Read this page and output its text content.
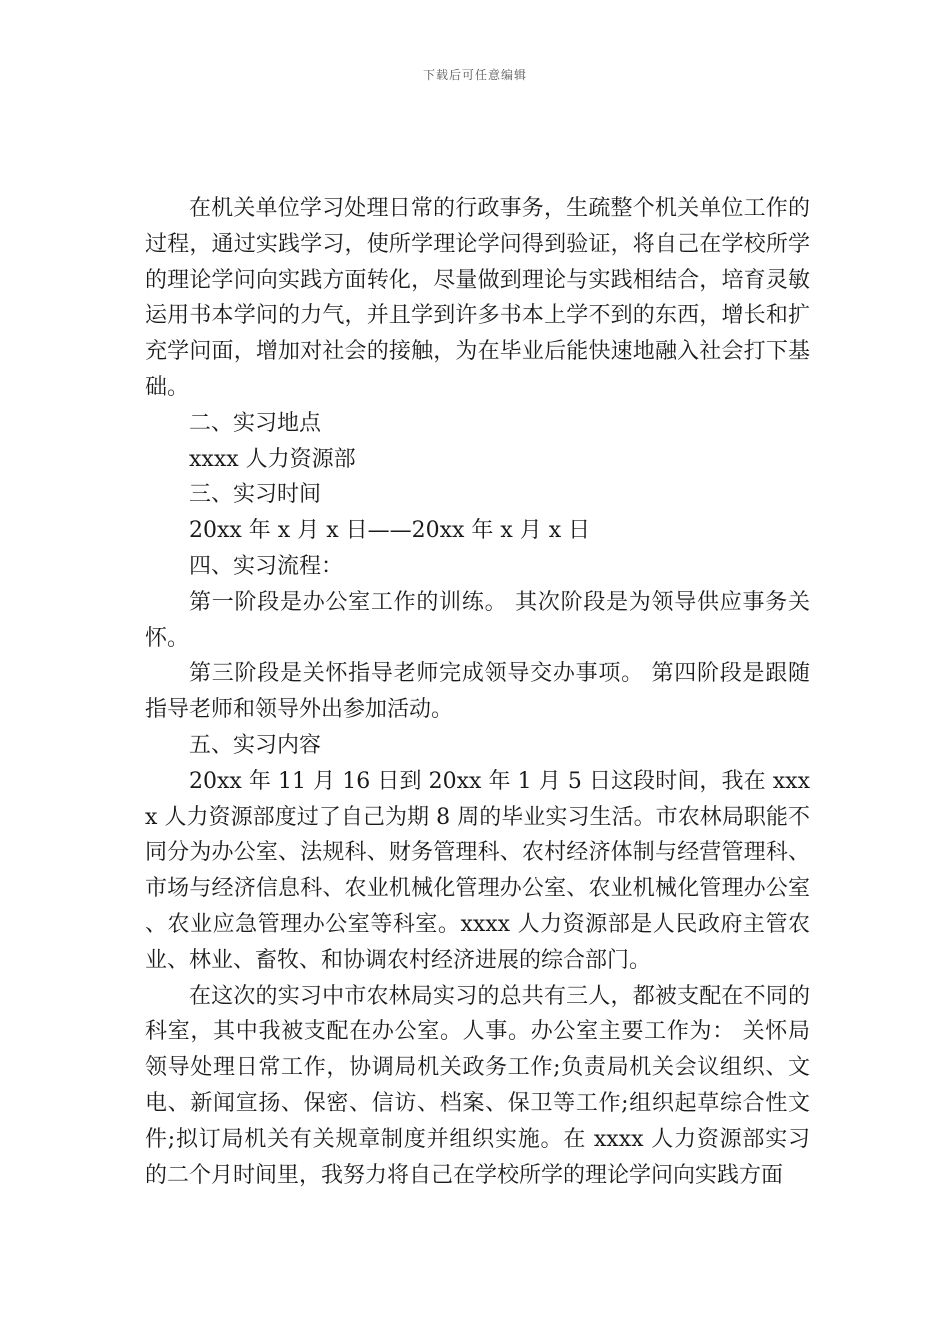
下载后可任意编辑

在机关单位学习处理日常的行政事务，生疏整个机关单位工作的过程，通过实践学习，使所学理论学问得到验证，将自己在学校所学的理论学问向实践方面转化，尽量做到理论与实践相结合，培育灵敏运用书本学问的力气，并且学到许多书本上学不到的东西，增长和扩充学问面，增加对社会的接触，为在毕业后能快速地融入社会打下基础。

二、实习地点

xxxx 人力资源部

三、实习时间

20xx 年 x 月 x 日——20xx 年 x 月 x 日

四、实习流程：

第一阶段是办公室工作的训练。 其次阶段是为领导供应事务关怀。

第三阶段是关怀指导老师完成领导交办事项。 第四阶段是跟随指导老师和领导外出参加活动。

五、实习内容

20xx 年 11 月 16 日到 20xx 年 1 月 5 日这段时间，我在 xxxx 人力资源部度过了自己为期 8 周的毕业实习生活。市农林局职能不同分为办公室、法规科、财务管理科、农村经济体制与经营管理科、市场与经济信息科、农业机械化管理办公室、农业机械化管理办公室 、农业应急管理办公室等科室。xxxx 人力资源部是人民政府主管农业、林业、畜牧、和协调农村经济进展的综合部门。

在这次的实习中市农林局实习的总共有三人，都被支配在不同的科室，其中我被支配在办公室。人事。办公室主要工作为： 关怀局领导处理日常工作，协调局机关政务工作;负责局机关会议组织、文电、新闻宣扬、保密、信访、档案、保卫等工作;组织起草综合性文件;拟订局机关有关规章制度并组织实施。在 xxxx 人力资源部实习的二个月时间里，我努力将自己在学校所学的理论学问向实践方面
